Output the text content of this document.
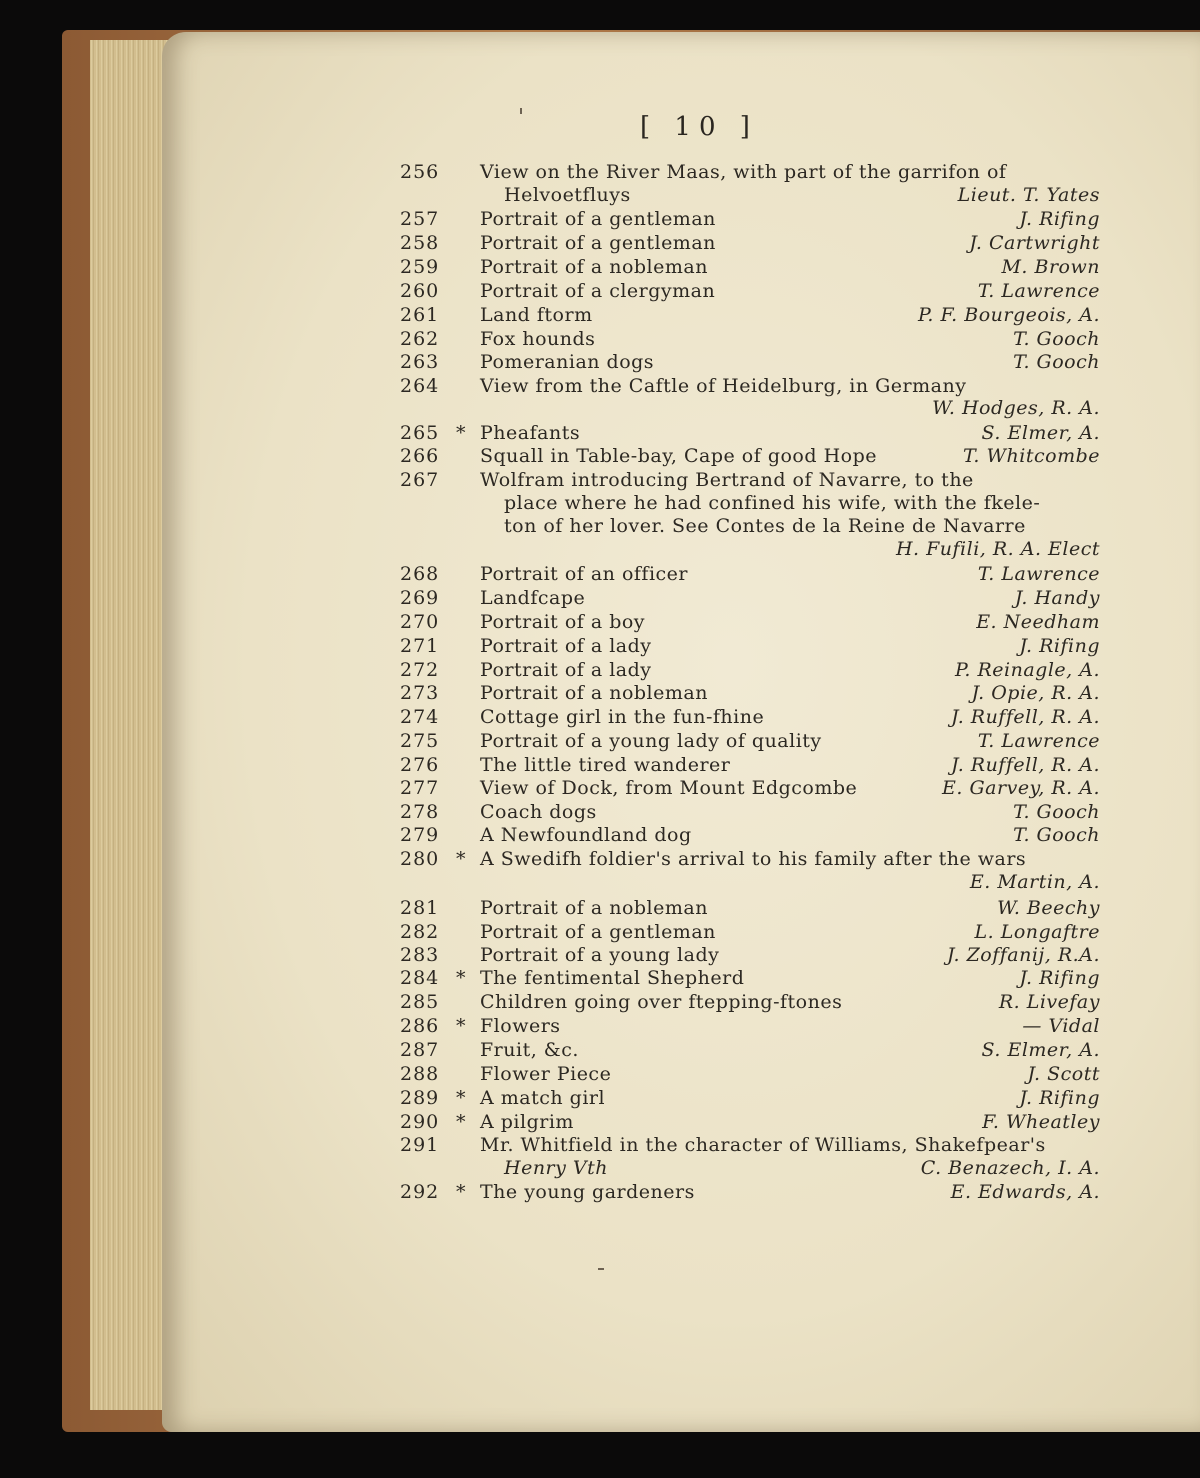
[ 10 ]
256	View on the River Maas, with part of the garrifon of
Helvoetfluys	Lieut. T. Yates
257	Portrait of a gentleman	J. Rifing
258	Portrait of a gentleman	J. Cartwright
259	Portrait of a nobleman	M. Brown
260	Portrait of a clergyman	T. Lawrence
261	Land ftorm	P. F. Bourgeois, A.
262	Fox hounds	T. Gooch
263	Pomeranian dogs	T. Gooch
264	View from the Caftle of Heidelburg, in Germany
W. Hodges, R. A.
265 * Pheafants	S. Elmer, A.
266	Squall in Table-bay, Cape of good Hope	T. Whitcombe
267	Wolfram introducing Bertrand of Navarre, to the
place where he had confined his wife, with the fkele-
ton of her lover. See Contes de la Reine de Navarre
H. Fufili, R. A. Elect
268	Portrait of an officer	T. Lawrence
269	Landfcape	J. Handy
270	Portrait of a boy	E. Needham
271	Portrait of a lady	J. Rifing
272	Portrait of a lady	P. Reinagle, A.
273	Portrait of a nobleman	J. Opie, R. A.
274	Cottage girl in the fun-fhine	J. Ruffell, R. A.
275	Portrait of a young lady of quality	T. Lawrence
276	The little tired wanderer	J. Ruffell, R. A.
277	View of Dock, from Mount Edgcombe	E. Garvey, R. A.
278	Coach dogs	T. Gooch
279	A Newfoundland dog	T. Gooch
280 * A Swedifh foldier's arrival to his family after the wars
E. Martin, A.
281	Portrait of a nobleman	W. Beechy
282	Portrait of a gentleman	L. Longaftre
283	Portrait of a young lady	J. Zoffanij, R.A.
284 * The fentimental Shepherd	J. Rifing
285	Children going over ftepping-ftones	R. Livefay
286 * Flowers	— Vidal
287	Fruit, &c.	S. Elmer, A.
288	Flower Piece	J. Scott
289 * A match girl	J. Rifing
290 * A pilgrim	F. Wheatley
291	Mr. Whitfield in the character of Williams, Shakefpear's
Henry Vth	C. Benazech, I. A.
292 * The young gardeners	E. Edwards, A.
